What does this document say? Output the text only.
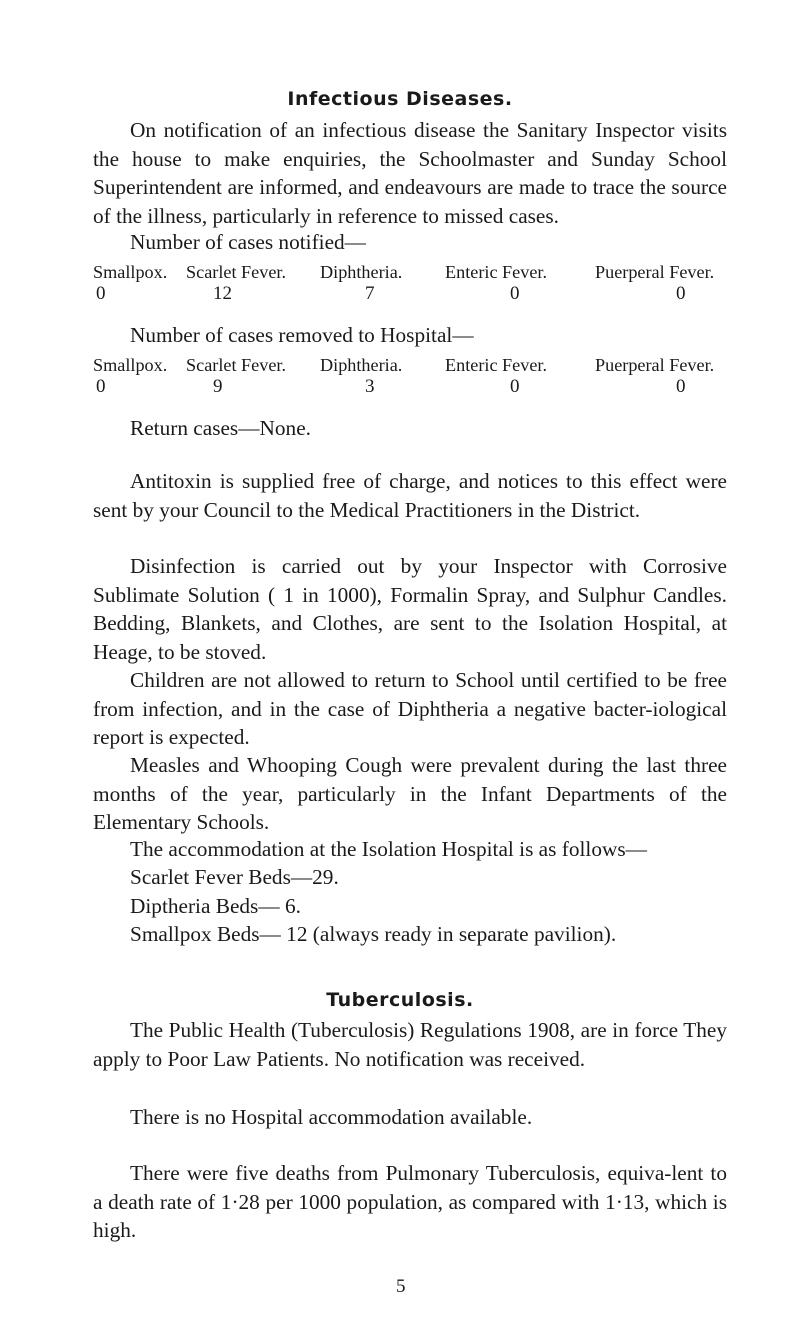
Infectious Diseases.

On notification of an infectious disease the Sanitary Inspector visits the house to make enquiries, the Schoolmaster and Sunday School Superintendent are informed, and endeavours are made to trace the source of the illness, particularly in reference to missed cases.

Number of cases notified—
Smallpox.	Scarlet Fever.	Diphtheria.	Enteric Fever.	Puerperal Fever.
0	12	7	0	0
Number of cases removed to Hospital—
Smallpox.	Scarlet Fever.	Diphtheria.	Enteric Fever.	Puerperal Fever.
0	9	3	0	0
Return cases—None.

Antitoxin is supplied free of charge, and notices to this effect were sent by your Council to the Medical Practitioners in the District.

Disinfection is carried out by your Inspector with Corrosive Sublimate Solution ( 1 in 1000), Formalin Spray, and Sulphur Candles. Bedding, Blankets, and Clothes, are sent to the Isolation Hospital, at Heage, to be stoved.

Children are not allowed to return to School until certified to be free from infection, and in the case of Diphtheria a negative bacter-iological report is expected.

Measles and Whooping Cough were prevalent during the last three months of the year, particularly in the Infant Departments of the Elementary Schools.

The accommodation at the Isolation Hospital is as follows—
Scarlet Fever Beds—29.
Diptheria Beds— 6.
Smallpox Beds— 12 (always ready in separate pavilion).
Tuberculosis.

The Public Health (Tuberculosis) Regulations 1908, are in force They apply to Poor Law Patients. No notification was received.

There is no Hospital accommodation available.

There were five deaths from Pulmonary Tuberculosis, equiva-lent to a death rate of 1·28 per 1000 population, as compared with 1·13, which is high.

5
